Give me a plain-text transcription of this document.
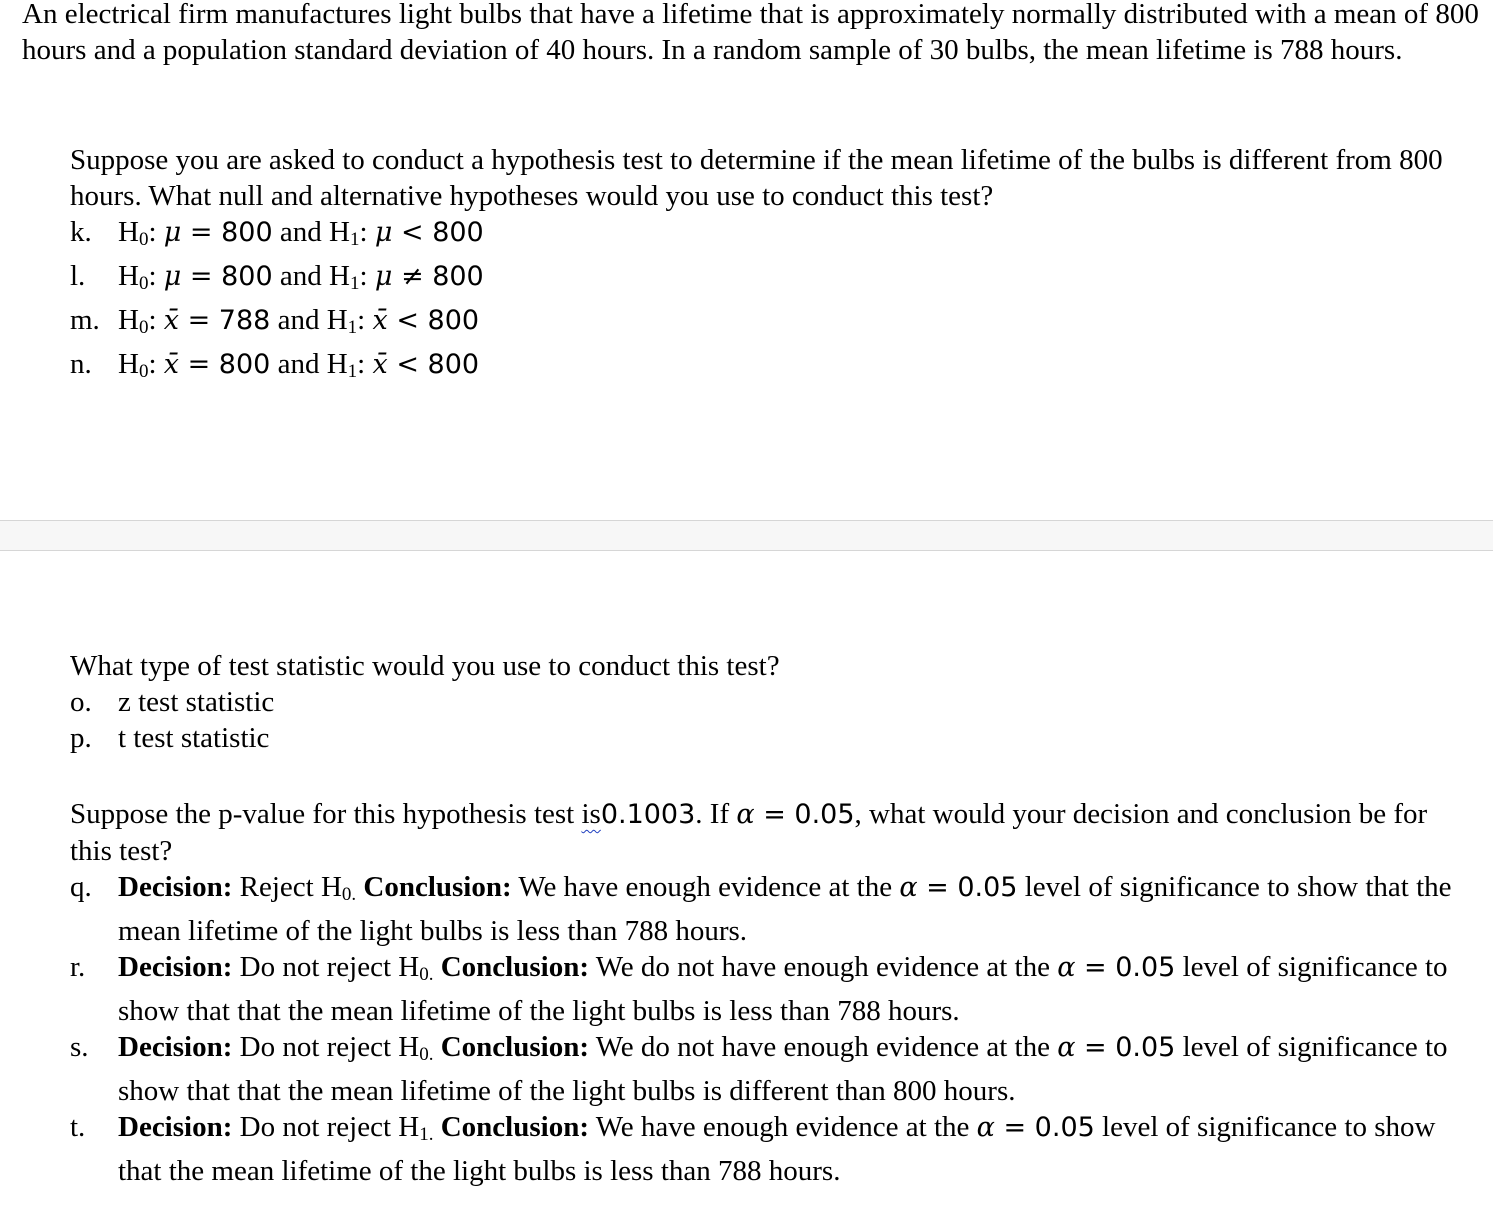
An electrical firm manufactures light bulbs that have a lifetime that is approximately normally distributed with a mean of 800 hours and a population standard deviation of 40 hours. In a random sample of 30 bulbs, the mean lifetime is 788 hours.

Suppose you are asked to conduct a hypothesis test to determine if the mean lifetime of the bulbs is different from 800 hours. What null and alternative hypotheses would you use to conduct this test?

k. $H_0$: μ = 800 and $H_1$: μ < 800

l. $H_0$: μ = 800 and $H_1$: μ ≠ 800

m. $H_0$: x̄ = 788 and $H_1$: x̄ < 800

n. $H_0$: x̄ = 800 and $H_1$: x̄ < 800

What type of test statistic would you use to conduct this test?

o. z test statistic

p. t test statistic

Suppose the p-value for this hypothesis test is0.1003. If α = 0.05, what would your decision and conclusion be for this test?

q. Decision: Reject $H_{0.}$ Conclusion: We have enough evidence at the α = 0.05 level of significance to show that the mean lifetime of the light bulbs is less than 788 hours.

r. Decision: Do not reject $H_{0.}$ Conclusion: We do not have enough evidence at the α = 0.05 level of significance to show that that the mean lifetime of the light bulbs is less than 788 hours.

s. Decision: Do not reject $H_{0.}$ Conclusion: We do not have enough evidence at the α = 0.05 level of significance to show that that the mean lifetime of the light bulbs is different than 800 hours.

t. Decision: Do not reject $H_{1.}$ Conclusion: We have enough evidence at the α = 0.05 level of significance to show that the mean lifetime of the light bulbs is less than 788 hours.
